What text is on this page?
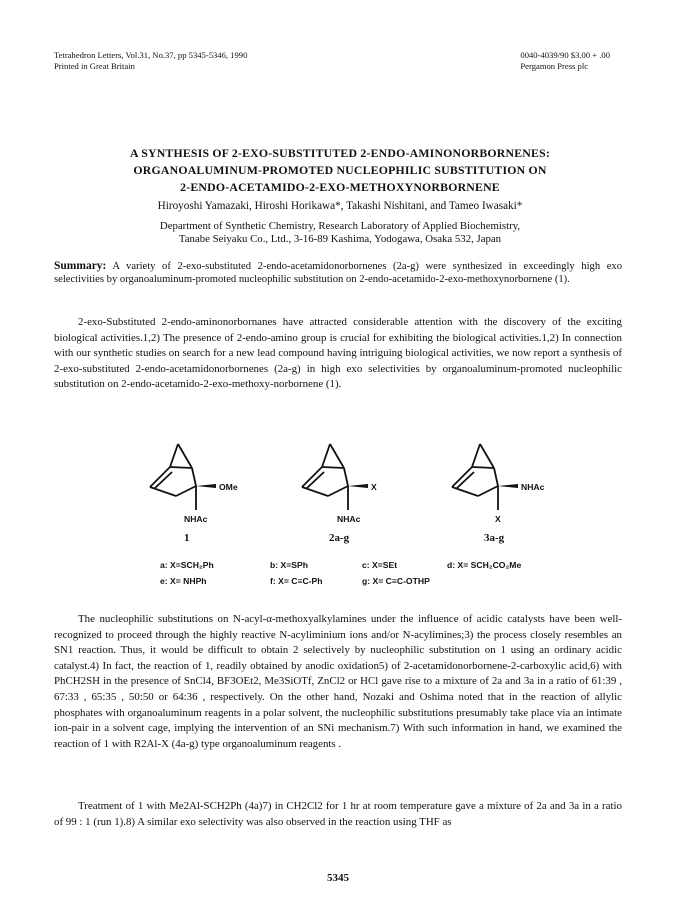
Tetrahedron Letters, Vol.31, No.37, pp 5345-5346, 1990
Printed in Great Britain
0040-4039/90 $3.00 + .00
Pergamon Press plc
A SYNTHESIS OF 2-EXO-SUBSTITUTED 2-ENDO-AMINONORBORNENES:
ORGANOALUMINUM-PROMOTED NUCLEOPHILIC SUBSTITUTION ON
2-ENDO-ACETAMIDO-2-EXO-METHOXYNORBORNENE
Hiroyoshi Yamazaki, Hiroshi Horikawa*, Takashi Nishitani, and Tameo Iwasaki*
Department of Synthetic Chemistry, Research Laboratory of Applied Biochemistry,
Tanabe Seiyaku Co., Ltd., 3-16-89 Kashima, Yodogawa, Osaka 532, Japan
Summary: A variety of 2-exo-substituted 2-endo-acetamidonorbornenes (2a-g) were synthesized in exceedingly high exo selectivities by organoaluminum-promoted nucleophilic substitution on 2-endo-acetamido-2-exo-methoxynorbornene (1).

2-exo-Substituted 2-endo-aminonorbornanes have attracted considerable attention with the discovery of the exciting biological activities.1,2) The presence of 2-endo-amino group is crucial for exhibiting the biological activities.1,2) In connection with our synthetic studies on search for a new lead compound having intriguing biological activities, we now report a synthesis of 2-exo-substituted 2-endo-acetamidonorbornenes (2a-g) in high exo selectivities by organoaluminum-promoted nucleophilic substitution on 2-endo-acetamido-2-exo-methoxy-norbornene (1).

OMe
NHAc
1
X
NHAc
2a-g
NHAc
X
3a-g
a: X=SCH₂Ph	b: X=SPh	c: X=SEt	d: X= SCH₂CO₂Me
e: X= NHPh	f: X= C≡C-Ph	g: X= C≡C-OTHP

The nucleophilic substitutions on N-acyl-α-methoxyalkylamines under the influence of acidic catalysts have been well-recognized to proceed through the highly reactive N-acyliminium ions and/or N-acylimines;3) the process closely resembles an SN1 reaction. Thus, it would be difficult to obtain 2 selectively by nucleophilic substitution on 1 using an ordinary acidic catalyst.4) In fact, the reaction of 1, readily obtained by anodic oxidation5) of 2-acetamidonorbornene-2-carboxylic acid,6) with PhCH2SH in the presence of SnCl4, BF3OEt2, Me3SiOTf, ZnCl2 or HCl gave rise to a mixture of 2a and 3a in a ratio of 61:39 , 67:33 , 65:35 , 50:50 or 64:36 , respectively. On the other hand, Nozaki and Oshima noted that in the reaction of allylic phosphates with organoaluminum reagents in a polar solvent, the nucleophilic substitutions presumably take place via an intimate ion-pair in a solvent cage, implying the intervention of an SNi mechanism.7) With such information in hand, we examined the reaction of 1 with R2Al-X (4a-g) type organoaluminum reagents .

Treatment of 1 with Me2Al-SCH2Ph (4a)7) in CH2Cl2 for 1 hr at room temperature gave a mixture of 2a and 3a in a ratio of 99 : 1 (run 1).8) A similar exo selectivity was also observed in the reaction using THF as

5345
